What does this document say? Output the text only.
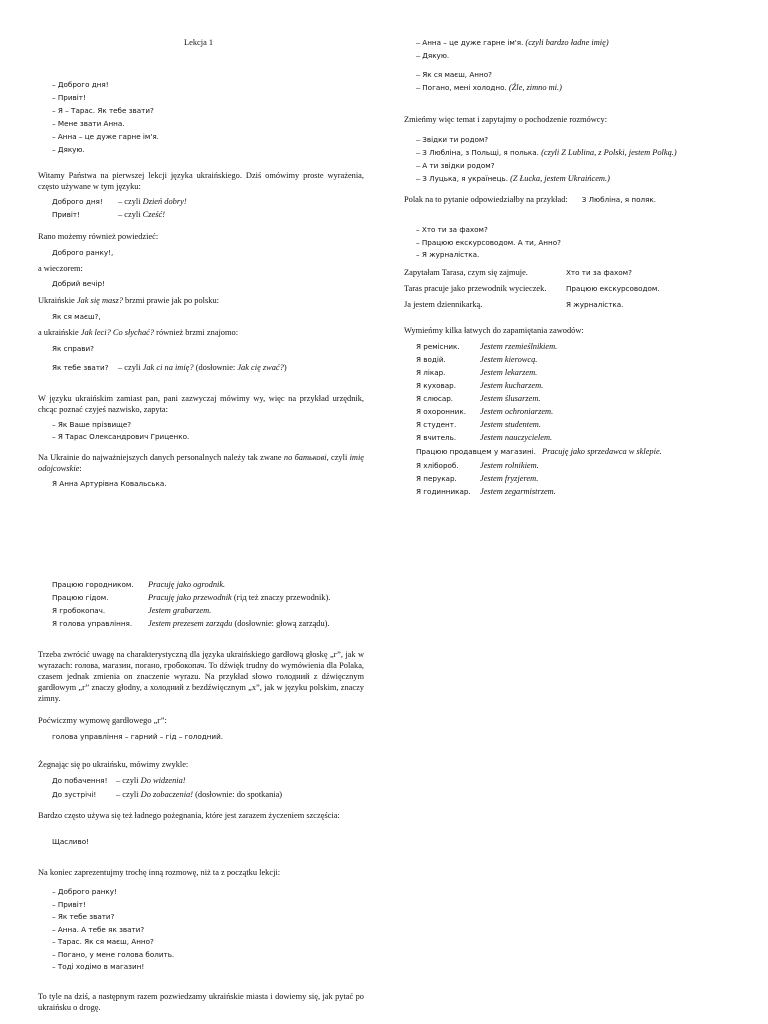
Lekcja 1
– Доброго дня!
– Привіт!
– Я – Тарас. Як тебе звати?
– Мене звати Анна.
– Анна – це дуже гарне ім'я.
– Дякую.
Witamy Państwa na pierwszej lekcji języka ukraińskiego. Dziś omówimy proste wyrażenia, często używane w tym języku:
Доброго дня!	– czyli Dzień dobry!
Привіт!	– czyli Cześć!
Rano możemy również powiedzieć:
Доброго ранку!,
a wieczorem:
Добрий вечір!
Ukraińskie Jak się masz? brzmi prawie jak po polsku:
Як ся маєш?,
a ukraińskie Jak leci? Co słychać? również brzmi znajomo:
Як справи?
Як тебе звати? – czyli Jak ci na imię? (dosłownie: Jak cię zwać?)
W języku ukraińskim zamiast pan, pani zazwyczaj mówimy wy, więc na przykład urzędnik, chcąc poznać czyjeś nazwisko, zapyta:
– Як Ваше прізвище?
– Я Тарас Олександрович Гриценко.
Na Ukrainie do najważniejszych danych personalnych należy tak zwane по батькові, czyli imię odojcowskie:
Я Анна Артурівна Ковальська.
Працюю городником.	Pracuję jako ogrodnik.
Працюю гідом.	Pracuję jako przewodnik (гід też znaczy przewodnik).
Я гробокопач.	Jestem grabarzem.
Я голова управління.	Jestem prezesem zarządu (dosłownie: głową zarządu).
Trzeba zwrócić uwagę na charakterystyczną dla języka ukraińskiego gardłową głoskę „г”, jak w wyrazach: голова, магазин, погано, гробокопач. To dźwięk trudny do wymówienia dla Polaka, czasem jednak zmienia on znaczenie wyrazu. Na przykład słowo голодний z dźwięcznym gardłowym „г” znaczy głodny, a холодний z bezdźwięcznym „х”, jak w języku polskim, znaczy zimny.
Poćwiczmy wymowę gardłowego „г”:
голова управління – гарний – гід – голодний.
Żegnając się po ukraińsku, mówimy zwykle:
До побачення!	– czyli Do widzenia!
До зустрічі!	– czyli Do zobaczenia! (dosłownie: do spotkania)
Bardzo często używa się też ładnego pożegnania, które jest zarazem życzeniem szczęścia:
Щасливо!
Na koniec zaprezentujmy trochę inną rozmowę, niż ta z początku lekcji:
– Доброго ранку!
– Привіт!
– Як тебе звати?
– Анна. А тебе як звати?
– Тарас. Як ся маєш, Анно?
– Погано, у мене голова болить.
– Тоді ходімо в магазин!
To tyle na dziś, a następnym razem pozwiedzamy ukraińskie miasta i dowiemy się, jak pytać po ukraińsku o drogę.
– Анна – це дуже гарне ім'я. (czyli bardzo ładne imię)
– Дякую.
– Як ся маєш, Анно?
– Погано, мені холодно. (Źle, zimno mi.)
Zmieńmy więc temat i zapytajmy o pochodzenie rozmówcy:
– Звідки ти родом?
– З Любліна, з Польщі, я полька. (czyli Z Lublina, z Polski, jestem Polką.)
– А ти звідки родом?
– З Луцька, я українець. (Z Łucka, jestem Ukraińcem.)
Polak na to pytanie odpowiedziałby na przykład: З Любліна, я поляк.
– Хто ти за фахом?
– Працюю екскурсоводом. А ти, Анно?
– Я журналістка.
Zapytałam Tarasa, czym się zajmuje.	Хто ти за фахом?
Taras pracuje jako przewodnik wycieczek.	Працюю екскурсоводом.
Ja jestem dziennikarką.	Я журналістка.
Wymieńmy kilka łatwych do zapamiętania zawodów:
Я ремісник.	Jestem rzemieślnikiem.
Я водій.	Jestem kierowcą.
Я лікар.	Jestem lekarzem.
Я куховар.	Jestem kucharzem.
Я слюсар.	Jestem ślusarzem.
Я охоронник.	Jestem ochroniarzem.
Я студент.	Jestem studentem.
Я вчитель.	Jestem nauczycielem.
Працюю продавцем у магазині. Pracuję jako sprzedawca w sklepie.
Я хлібороб.	Jestem rolnikiem.
Я перукар.	Jestem fryzjerem.
Я годинникар.	Jestem zegarmistrzem.
